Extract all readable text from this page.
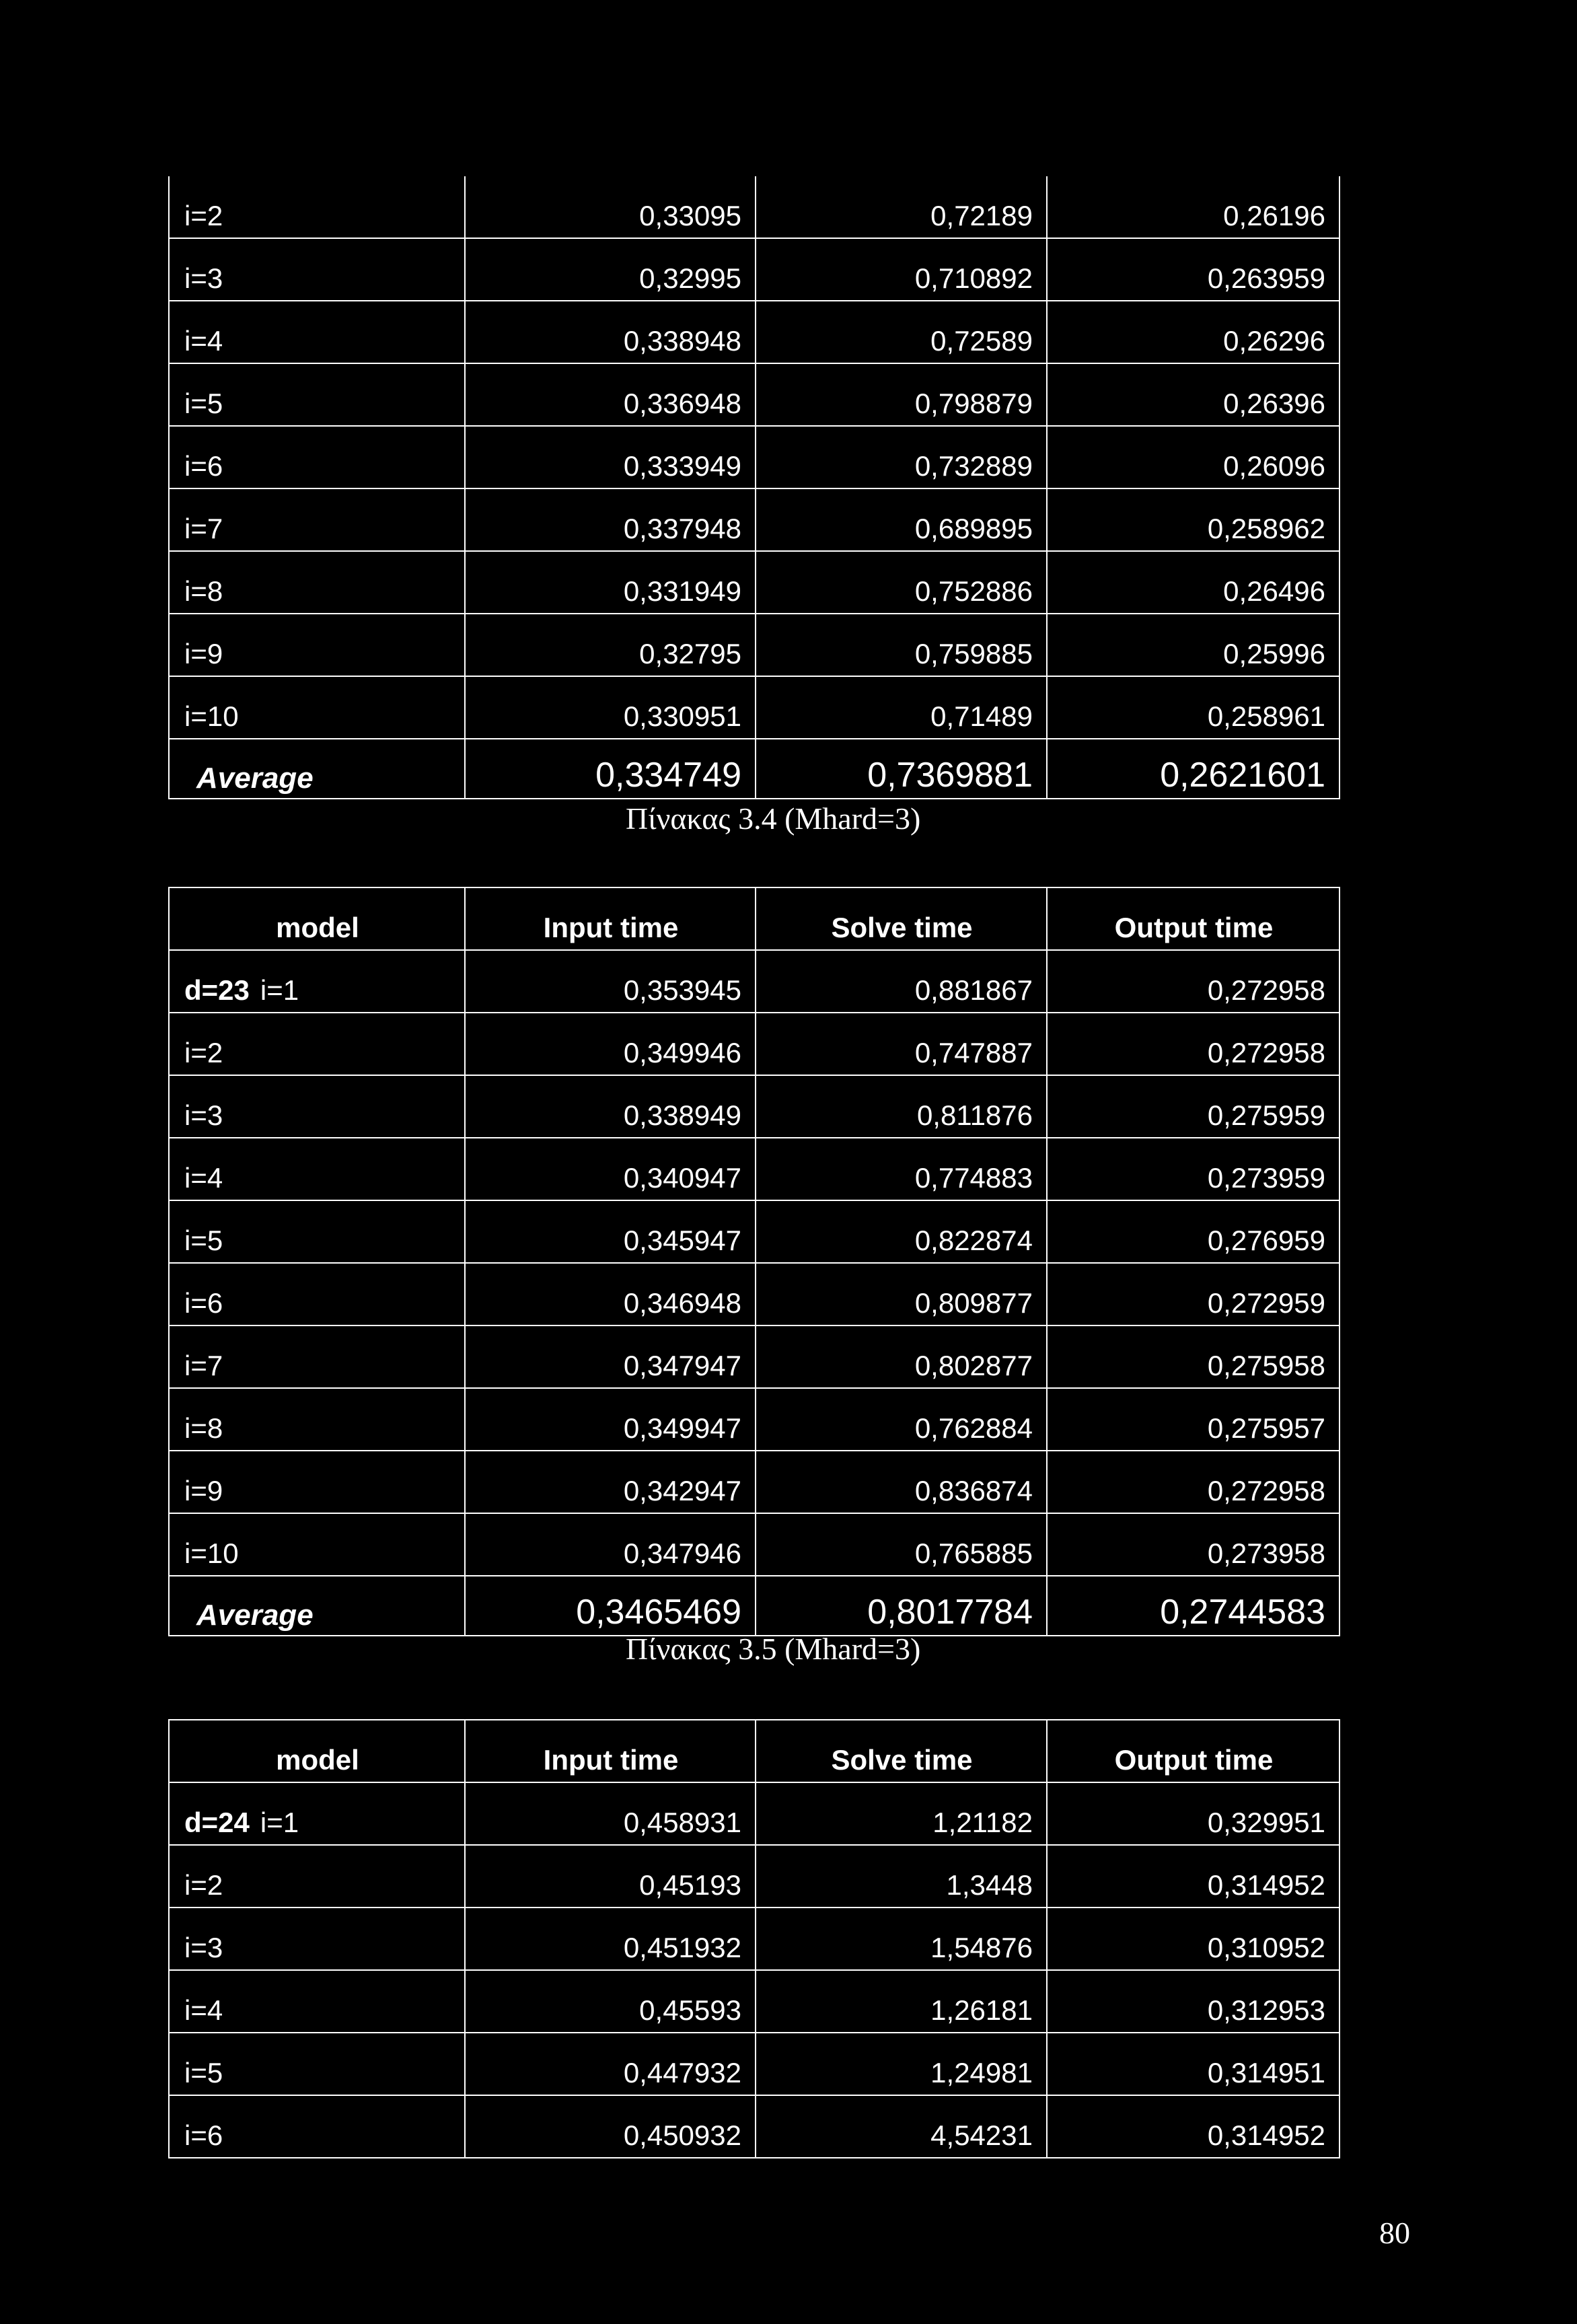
i=2	0,33095	0,72189	0,26196
i=3	0,32995	0,710892	0,263959
i=4	0,338948	0,72589	0,26296
i=5	0,336948	0,798879	0,26396
i=6	0,333949	0,732889	0,26096
i=7	0,337948	0,689895	0,258962
i=8	0,331949	0,752886	0,26496
i=9	0,32795	0,759885	0,25996
i=10	0,330951	0,71489	0,258961
Average	0,334749	0,7369881	0,2621601
Πίνακας 3.4 (Mhard=3)
model	Input time	Solve time	Output time
d=23 i=1	0,353945	0,881867	0,272958
i=2	0,349946	0,747887	0,272958
i=3	0,338949	0,811876	0,275959
i=4	0,340947	0,774883	0,273959
i=5	0,345947	0,822874	0,276959
i=6	0,346948	0,809877	0,272959
i=7	0,347947	0,802877	0,275958
i=8	0,349947	0,762884	0,275957
i=9	0,342947	0,836874	0,272958
i=10	0,347946	0,765885	0,273958
Average	0,3465469	0,8017784	0,2744583
Πίνακας 3.5 (Mhard=3)
model	Input time	Solve time	Output time
d=24 i=1	0,458931	1,21182	0,329951
i=2	0,45193	1,3448	0,314952
i=3	0,451932	1,54876	0,310952
i=4	0,45593	1,26181	0,312953
i=5	0,447932	1,24981	0,314951
i=6	0,450932	4,54231	0,314952
80
